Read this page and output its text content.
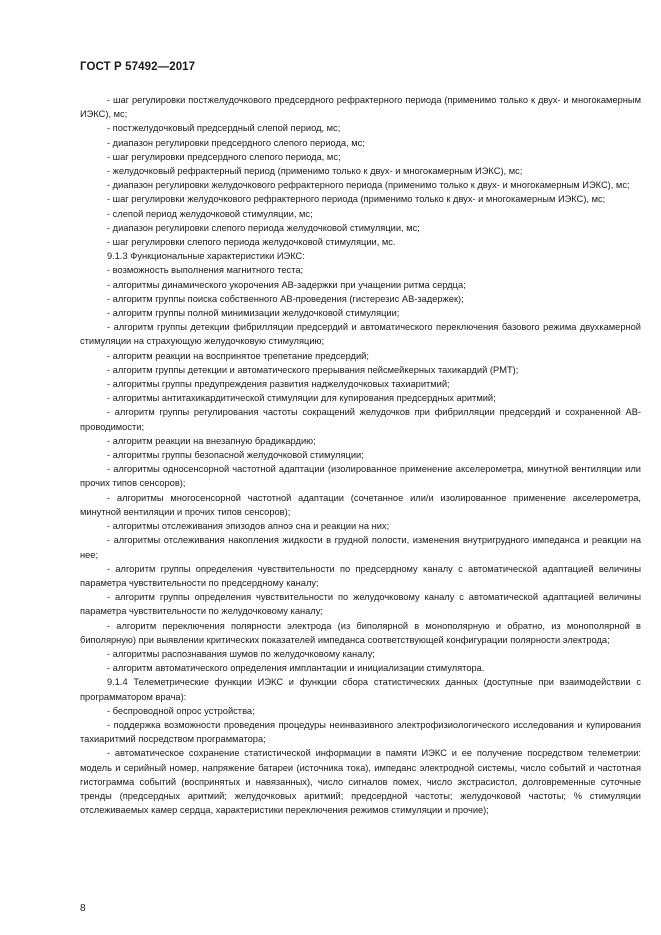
ГОСТ Р 57492—2017

- шаг регулировки постжелудочкового предсердного рефрактерного периода (применимо только к двух- и многокамерным ИЭКС), мс;

- постжелудочковый предсердный слепой период, мс;

- диапазон регулировки предсердного слепого периода, мс;

- шаг регулировки предсердного слепого периода, мс;

- желудочковый рефрактерный период (применимо только к двух- и многокамерным ИЭКС), мс;

- диапазон регулировки желудочкового рефрактерного периода (применимо только к двух- и многокамерным ИЭКС), мс;

- шаг регулировки желудочкового рефрактерного периода (применимо только к двух- и многокамерным ИЭКС), мс;

- слепой период желудочковой стимуляции, мс;

- диапазон регулировки слепого периода желудочковой стимуляции, мс;

- шаг регулировки слепого периода желудочковой стимуляции, мс.

9.1.3 Функциональные характеристики ИЭКС:

- возможность выполнения магнитного теста;

- алгоритмы динамического укорочения АВ-задержки при учащении ритма сердца;

- алгоритм группы поиска собственного АВ-проведения (гистерезис АВ-задержек);

- алгоритм группы полной минимизации желудочковой стимуляции;

- алгоритм группы детекции фибрилляции предсердий и автоматического переключения базового режима двухкамерной стимуляции на страхующую желудочковую стимуляцию;

- алгоритм реакции на воспринятое трепетание предсердий;

- алгоритм группы детекции и автоматического прерывания пейсмейкерных тахикардий (PMT);

- алгоритмы группы предупреждения развития наджелудочковых тахиаритмий;

- алгоритмы антитахикардитической стимуляции для купирования предсердных аритмий;

- алгоритм группы регулирования частоты сокращений желудочков при фибрилляции предсердий и сохраненной АВ-проводимости;

- алгоритм реакции на внезапную брадикардию;

- алгоритмы группы безопасной желудочковой стимуляции;

- алгоритмы односенсорной частотной адаптации (изолированное применение акселерометра, минутной вентиляции или прочих типов сенсоров);

- алгоритмы многосенсорной частотной адаптации (сочетанное или/и изолированное применение акселерометра, минутной вентиляции и прочих типов сенсоров);

- алгоритмы отслеживания эпизодов апноэ сна и реакции на них;

- алгоритмы отслеживания накопления жидкости в грудной полости, изменения внутригрудного импеданса и реакции на нее;

- алгоритм группы определения чувствительности по предсердному каналу с автоматической адаптацией величины параметра чувствительности по предсердному каналу;

- алгоритм группы определения чувствительности по желудочковому каналу с автоматической адаптацией величины параметра чувствительности по желудочковому каналу;

- алгоритм переключения полярности электрода (из биполярной в монополярную и обратно, из монополярной в биполярную) при выявлении критических показателей импеданса соответствующей конфигурации полярности электрода;

- алгоритмы распознавания шумов по желудочковому каналу;

- алгоритм автоматического определения имплантации и инициализации стимулятора.

9.1.4 Телеметрические функции ИЭКС и функции сбора статистических данных (доступные при взаимодействии с программатором врача):

- беспроводной опрос устройства;

- поддержка возможности проведения процедуры неинвазивного электрофизиологического исследования и купирования тахиаритмий посредством программатора;

- автоматическое сохранение статистической информации в памяти ИЭКС и ее получение посредством телеметрии: модель и серийный номер, напряжение батареи (источника тока), импеданс электродной системы, число событий и частотная гистограмма событий (воспринятых и навязанных), число сигналов помех, число экстрасистол, долговременные суточные тренды (предсердных аритмий; желудочковых аритмий; предсердной частоты; желудочковой частоты; % стимуляции отслеживаемых камер сердца, характеристики переключения режимов стимуляции и прочие);

8
